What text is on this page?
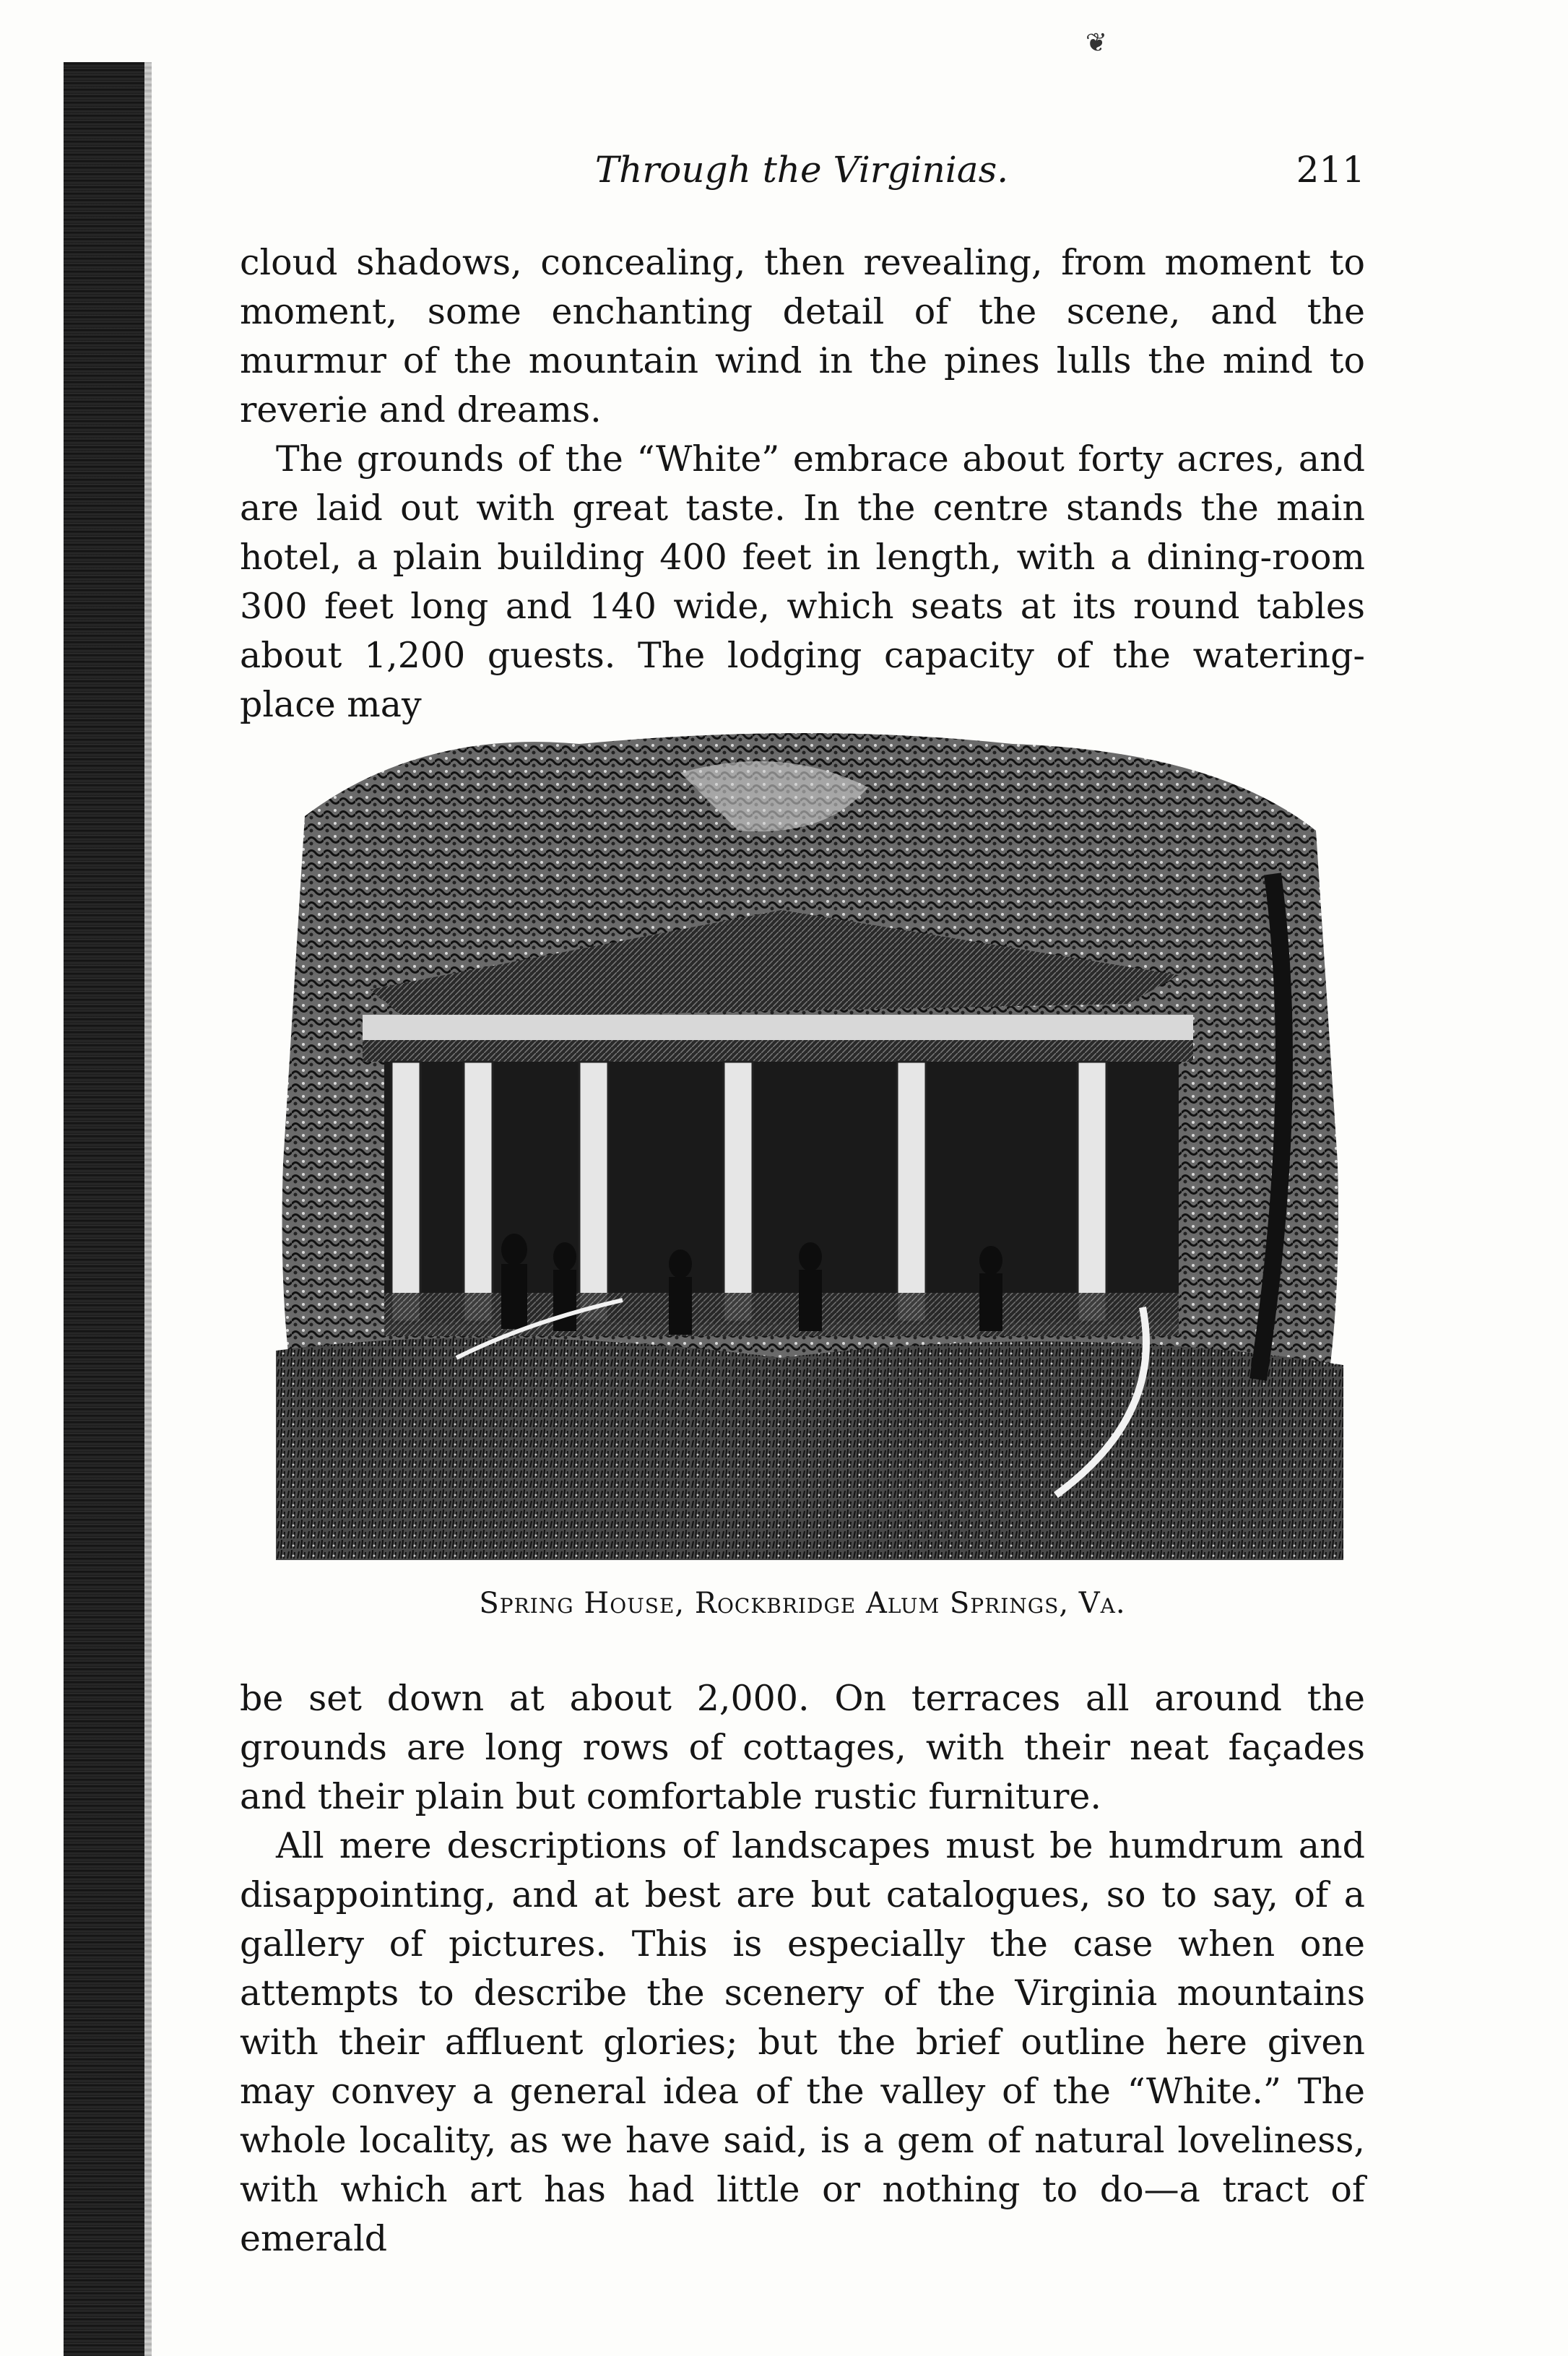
❦
Through the Virginias.	211

cloud shadows, concealing, then revealing, from moment to moment, some enchanting detail of the scene, and the murmur of the mountain wind in the pines lulls the mind to reverie and dreams.

The grounds of the “White” embrace about forty acres, and are laid out with great taste. In the centre stands the main hotel, a plain building 400 feet in length, with a dining-room 300 feet long and 140 wide, which seats at its round tables about 1,200 guests. The lodging capacity of the watering-place may

Spring House, Rockbridge Alum Springs, Va.

be set down at about 2,000. On terraces all around the grounds are long rows of cottages, with their neat façades and their plain but comfortable rustic furniture.

All mere descriptions of landscapes must be humdrum and disappointing, and at best are but catalogues, so to say, of a gallery of pictures. This is especially the case when one attempts to describe the scenery of the Virginia mountains with their affluent glories; but the brief outline here given may convey a general idea of the valley of the “White.” The whole locality, as we have said, is a gem of natural loveliness, with which art has had little or nothing to do—a tract of emerald
